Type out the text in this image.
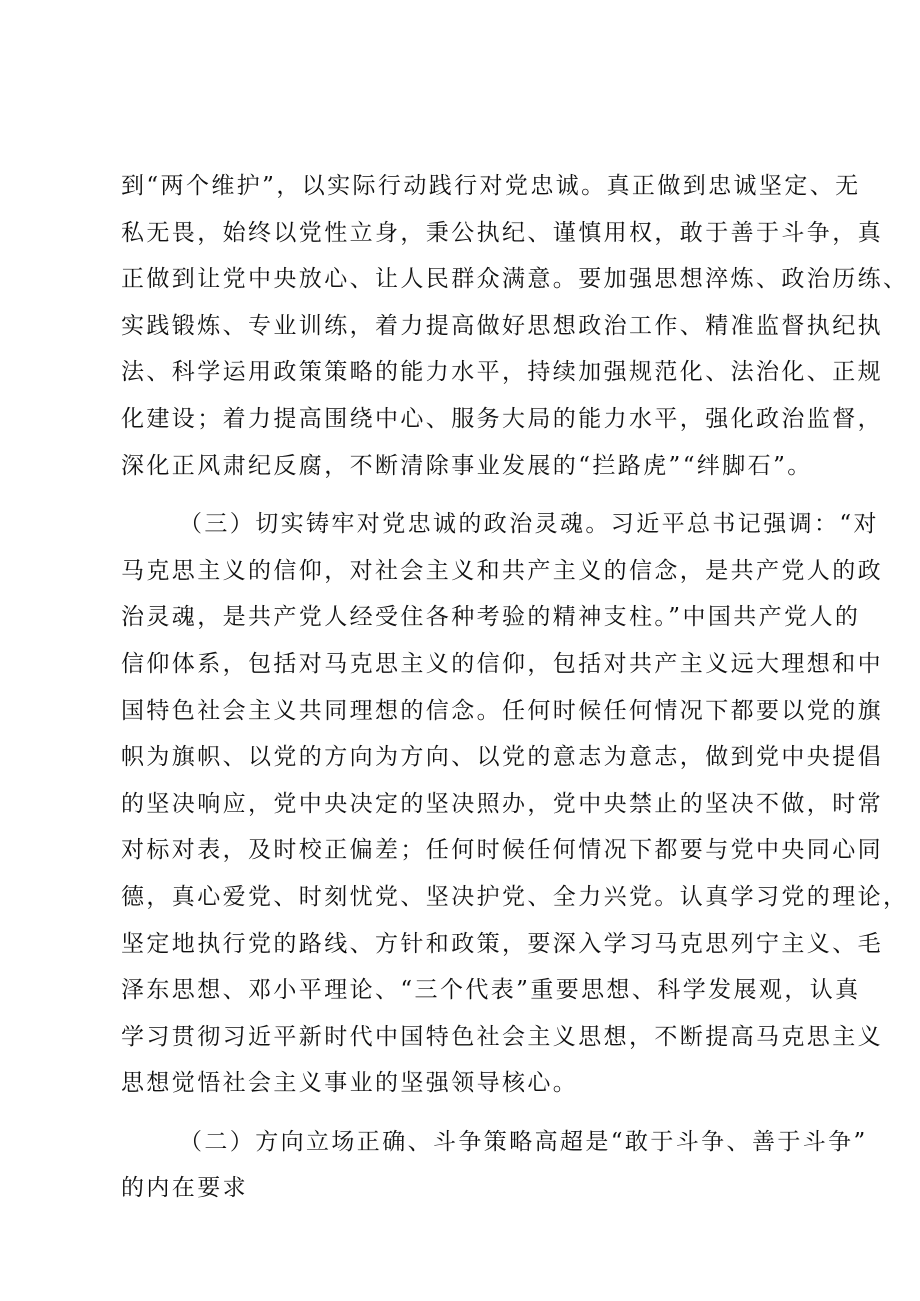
到“两个维护”，以实际行动践行对党忠诚。真正做到忠诚坚定、无
私无畏，始终以党性立身，秉公执纪、谨慎用权，敢于善于斗争，真
正做到让党中央放心、让人民群众满意。要加强思想淬炼、政治历练、
实践锻炼、专业训练，着力提高做好思想政治工作、精准监督执纪执
法、科学运用政策策略的能力水平，持续加强规范化、法治化、正规
化建设；着力提高围绕中心、服务大局的能力水平，强化政治监督，
深化正风肃纪反腐，不断清除事业发展的“拦路虎”“绊脚石”。
（三）切实铸牢对党忠诚的政治灵魂。习近平总书记强调：“对
马克思主义的信仰，对社会主义和共产主义的信念，是共产党人的政
治灵魂，是共产党人经受住各种考验的精神支柱。”中国共产党人的
信仰体系，包括对马克思主义的信仰，包括对共产主义远大理想和中
国特色社会主义共同理想的信念。任何时候任何情况下都要以党的旗
帜为旗帜、以党的方向为方向、以党的意志为意志，做到党中央提倡
的坚决响应，党中央决定的坚决照办，党中央禁止的坚决不做，时常
对标对表，及时校正偏差；任何时候任何情况下都要与党中央同心同
德，真心爱党、时刻忧党、坚决护党、全力兴党。认真学习党的理论，
坚定地执行党的路线、方针和政策，要深入学习马克思列宁主义、毛
泽东思想、邓小平理论、“三个代表”重要思想、科学发展观，认真
学习贯彻习近平新时代中国特色社会主义思想，不断提高马克思主义
思想觉悟社会主义事业的坚强领导核心。
（二）方向立场正确、斗争策略高超是“敢于斗争、善于斗争”
的内在要求
